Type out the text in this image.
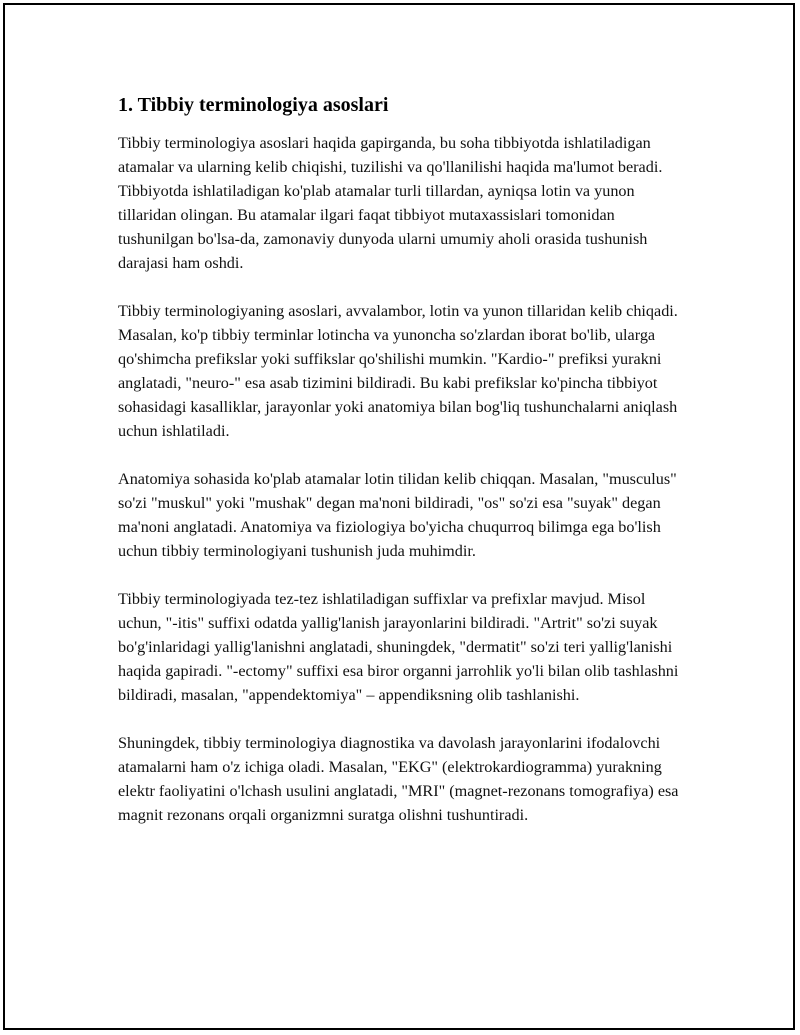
1. Tibbiy terminologiya asoslari

Tibbiy terminologiya asoslari haqida gapirganda, bu soha tibbiyotda ishlatiladigan atamalar va ularning kelib chiqishi, tuzilishi va qo'llanilishi haqida ma'lumot beradi. Tibbiyotda ishlatiladigan ko'plab atamalar turli tillardan, ayniqsa lotin va yunon tillaridan olingan. Bu atamalar ilgari faqat tibbiyot mutaxassislari tomonidan tushunilgan bo'lsa-da, zamonaviy dunyoda ularni umumiy aholi orasida tushunish darajasi ham oshdi.

Tibbiy terminologiyaning asoslari, avvalambor, lotin va yunon tillaridan kelib chiqadi. Masalan, ko'p tibbiy terminlar lotincha va yunoncha so'zlardan iborat bo'lib, ularga qo'shimcha prefikslar yoki suffikslar qo'shilishi mumkin. "Kardio-" prefiksi yurakni anglatadi, "neuro-" esa asab tizimini bildiradi. Bu kabi prefikslar ko'pincha tibbiyot sohasidagi kasalliklar, jarayonlar yoki anatomiya bilan bog'liq tushunchalarni aniqlash uchun ishlatiladi.

Anatomiya sohasida ko'plab atamalar lotin tilidan kelib chiqqan. Masalan, "musculus" so'zi "muskul" yoki "mushak" degan ma'noni bildiradi, "os" so'zi esa "suyak" degan ma'noni anglatadi. Anatomiya va fiziologiya bo'yicha chuqurroq bilimga ega bo'lish uchun tibbiy terminologiyani tushunish juda muhimdir.

Tibbiy terminologiyada tez-tez ishlatiladigan suffixlar va prefixlar mavjud. Misol uchun, "-itis" suffixi odatda yallig'lanish jarayonlarini bildiradi. "Artrit" so'zi suyak bo'g'inlaridagi yallig'lanishni anglatadi, shuningdek, "dermatit" so'zi teri yallig'lanishi haqida gapiradi. "-ectomy" suffixi esa biror organni jarrohlik yo'li bilan olib tashlashni bildiradi, masalan, "appendektomiya" – appendiksning olib tashlanishi.

Shuningdek, tibbiy terminologiya diagnostika va davolash jarayonlarini ifodalovchi atamalarni ham o'z ichiga oladi. Masalan, "EKG" (elektrokardiogramma) yurakning elektr faoliyatini o'lchash usulini anglatadi, "MRI" (magnet-rezonans tomografiya) esa magnit rezonans orqali organizmni suratga olishni tushuntiradi.
